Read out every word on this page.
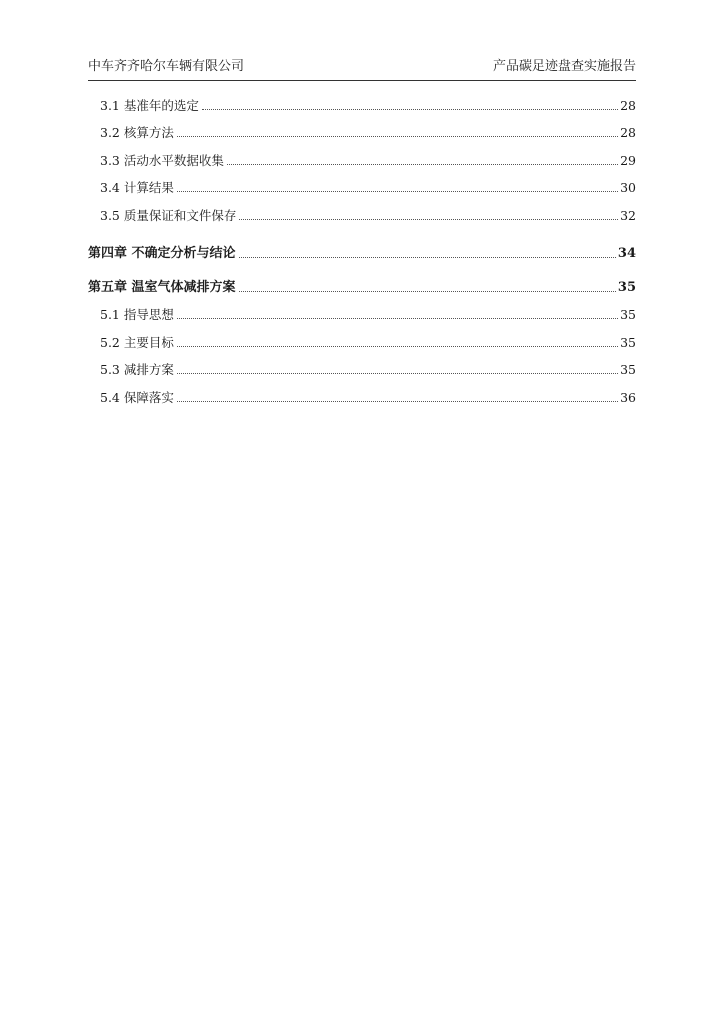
中车齐齐哈尔车辆有限公司	产品碳足迹盘查实施报告
3.1 基准年的选定	28
3.2 核算方法	28
3.3 活动水平数据收集	29
3.4 计算结果	30
3.5 质量保证和文件保存	32
第四章 不确定分析与结论	34
第五章 温室气体减排方案	35
5.1 指导思想	35
5.2 主要目标	35
5.3 减排方案	35
5.4 保障落实	36
